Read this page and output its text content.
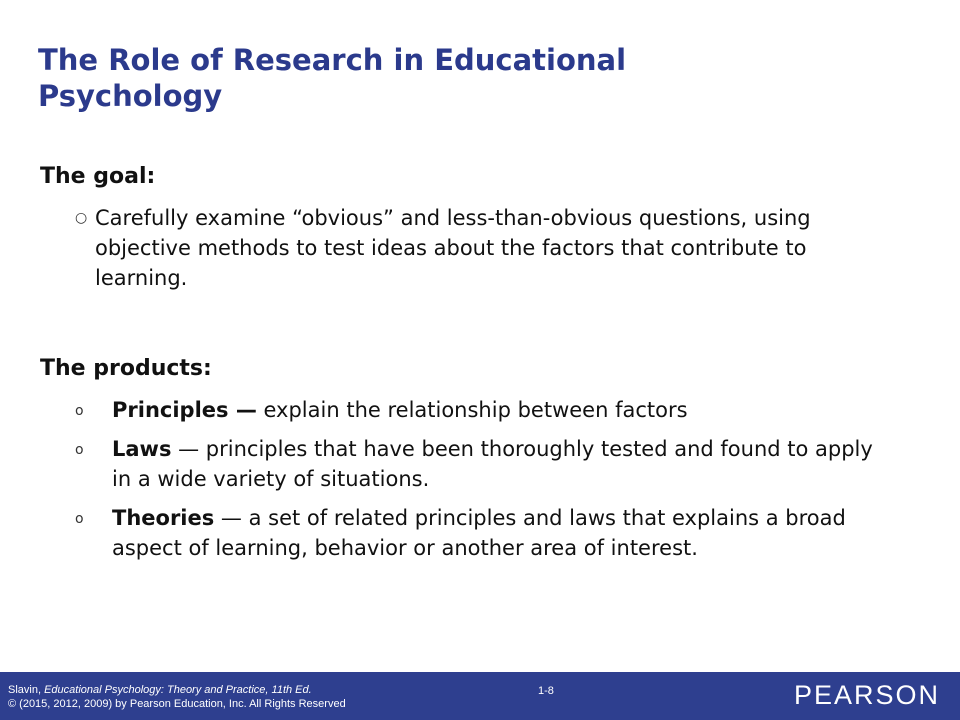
The Role of Research in Educational
Psychology
The goal:
○ Carefully examine “obvious” and less-than-obvious questions, using objective methods to test ideas about the factors that contribute to learning.
The products:
o Principles — explain the relationship between factors
o Laws — principles that have been thoroughly tested and found to apply in a wide variety of situations.
o Theories — a set of related principles and laws that explains a broad aspect of learning, behavior or another area of interest.
Slavin, Educational Psychology: Theory and Practice, 11th Ed.
© (2015, 2012, 2009) by Pearson Education, Inc. All Rights Reserved
1-8	PEARSON
